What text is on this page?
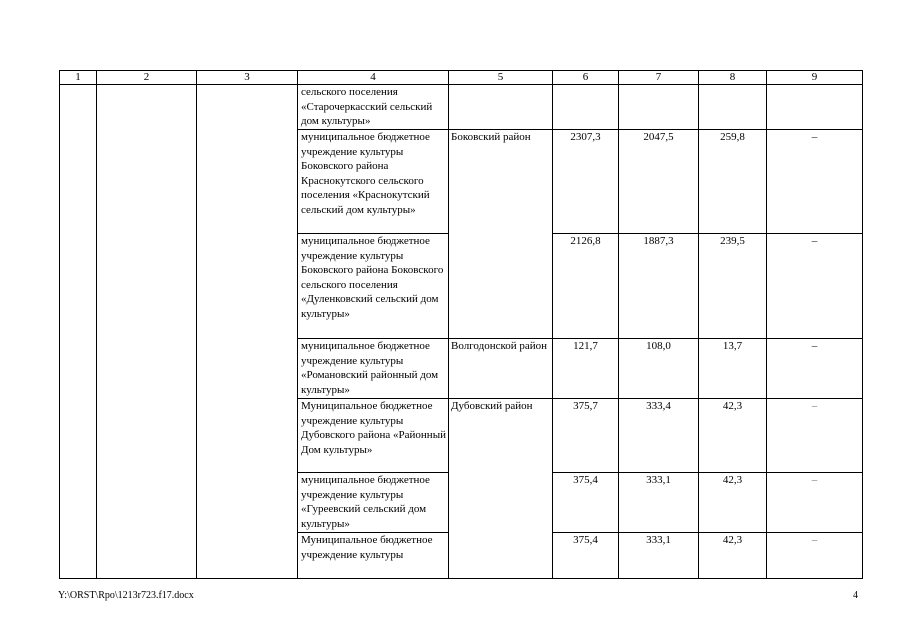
1	2	3	4	5	6	7	8	9
			сельского поселения «Старочеркасский сельский дом культуры»					
			муниципальное бюджетное учреждение культуры Боковского района Краснокутского сельского поселения «Краснокутский сельский дом культуры»	Боковский район	2307,3	2047,5	259,8	–
			муниципальное бюджетное учреждение культуры Боковского района Боковского сельского поселения «Дуленковский сельский дом культуры»		2126,8	1887,3	239,5	–
			муниципальное бюджетное учреждение культуры «Романовский районный дом культуры»	Волгодонской район	121,7	108,0	13,7	–
			Муниципальное бюджетное учреждение культуры Дубовского района «Районный Дом культуры»	Дубовский район	375,7	333,4	42,3	–
			муниципальное бюджетное учреждение культуры «Гуреевский сельский дом культуры»		375,4	333,1	42,3	–
			Муниципальное бюджетное учреждение культуры		375,4	333,1	42,3	–
Y:\ORST\Rpo\1213r723.f17.docx	4
